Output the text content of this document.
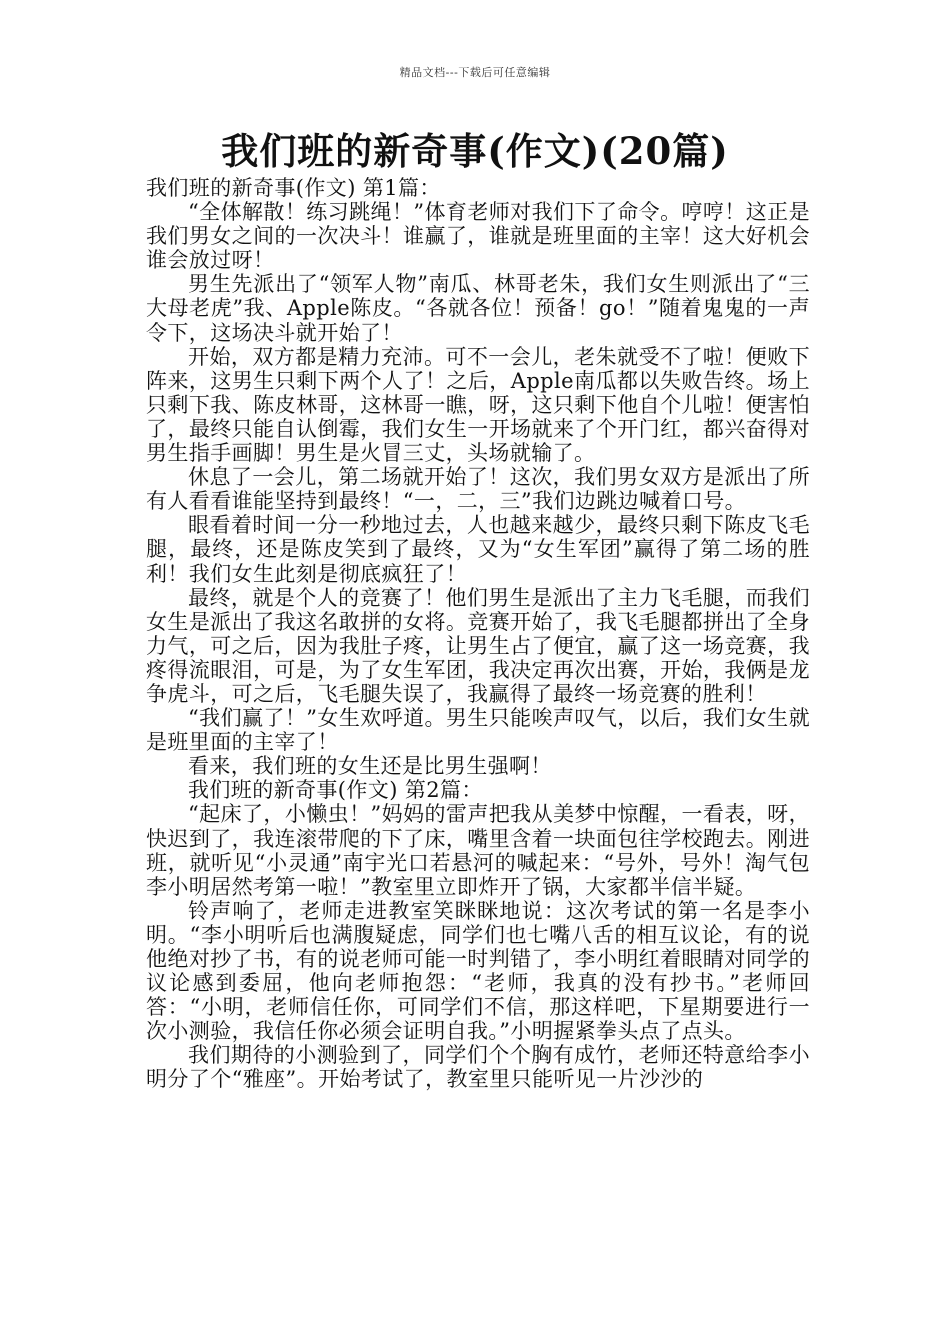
精品文档---下载后可任意编辑
我们班的新奇事(作文)(20篇)

我们班的新奇事(作文) 第1篇：

“全体解散！练习跳绳！”体育老师对我们下了命令。哼哼！这正是我们男女之间的一次决斗！谁赢了，谁就是班里面的主宰！这大好机会谁会放过呀！

男生先派出了“领军人物”南瓜、林哥老朱，我们女生则派出了“三大母老虎”我、Apple陈皮。“各就各位！预备！go！”随着鬼鬼的一声令下，这场决斗就开始了！

开始，双方都是精力充沛。可不一会儿，老朱就受不了啦！便败下阵来，这男生只剩下两个人了！之后，Apple南瓜都以失败告终。场上只剩下我、陈皮林哥，这林哥一瞧，呀，这只剩下他自个儿啦！便害怕了，最终只能自认倒霉，我们女生一开场就来了个开门红，都兴奋得对男生指手画脚！男生是火冒三丈，头场就输了。

休息了一会儿，第二场就开始了！这次，我们男女双方是派出了所有人看看谁能坚持到最终！“一，二，三”我们边跳边喊着口号。

眼看着时间一分一秒地过去，人也越来越少，最终只剩下陈皮飞毛腿，最终，还是陈皮笑到了最终，又为“女生军团”赢得了第二场的胜利！我们女生此刻是彻底疯狂了！

最终，就是个人的竞赛了！他们男生是派出了主力飞毛腿，而我们女生是派出了我这名敢拼的女将。竞赛开始了，我飞毛腿都拼出了全身力气，可之后，因为我肚子疼，让男生占了便宜，赢了这一场竞赛，我疼得流眼泪，可是，为了女生军团，我决定再次出赛，开始，我俩是龙争虎斗，可之后，飞毛腿失误了，我赢得了最终一场竞赛的胜利！

“我们赢了！”女生欢呼道。男生只能唉声叹气，以后，我们女生就是班里面的主宰了！

看来，我们班的女生还是比男生强啊！

我们班的新奇事(作文) 第2篇：

“起床了，小懒虫！”妈妈的雷声把我从美梦中惊醒，一看表，呀，快迟到了，我连滚带爬的下了床，嘴里含着一块面包往学校跑去。刚进班，就听见“小灵通”南宇光口若悬河的喊起来：“号外，号外！淘气包李小明居然考第一啦！”教室里立即炸开了锅，大家都半信半疑。

铃声响了，老师走进教室笑眯眯地说：这次考试的第一名是李小明。“李小明听后也满腹疑虑，同学们也七嘴八舌的相互议论，有的说他绝对抄了书，有的说老师可能一时判错了，李小明红着眼睛对同学的议论感到委屈，他向老师抱怨：“老师，我真的没有抄书。”老师回答：“小明，老师信任你，可同学们不信，那这样吧，下星期要进行一次小测验，我信任你必须会证明自我。”小明握紧拳头点了点头。

我们期待的小测验到了，同学们个个胸有成竹，老师还特意给李小明分了个“雅座”。开始考试了，教室里只能听见一片沙沙的
